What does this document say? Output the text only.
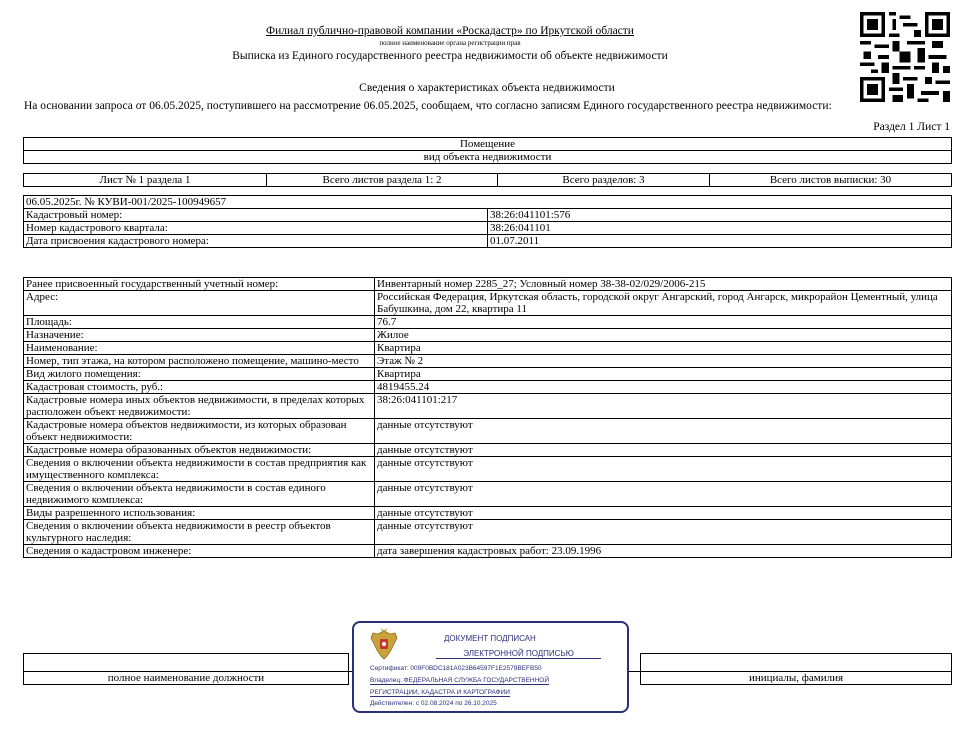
Филиал публично-правовой компании «Роскадастр» по Иркутской области
полное наименование органа регистрации прав
Выписка из Единого государственного реестра недвижимости об объекте недвижимости
Сведения о характеристиках объекта недвижимости
На основании запроса от 06.05.2025, поступившего на рассмотрение 06.05.2025, сообщаем, что согласно записям Единого государственного реестра недвижимости:
Раздел 1 Лист 1
Помещение
вид объекта недвижимости
Лист № 1 раздела 1	Всего листов раздела 1: 2	Всего разделов: 3	Всего листов выписки: 30
06.05.2025г. № КУВИ-001/2025-100949657	
Кадастровый номер:	38:26:041101:576
Номер кадастрового квартала:	38:26:041101
Дата присвоения кадастрового номера:	01.07.2011
Ранее присвоенный государственный учетный номер:	Инвентарный номер 2285_27; Условный номер 38-38-02/029/2006-215
Адрес:	Российская Федерация, Иркутская область, городской округ Ангарский, город Ангарск, микрорайон Цементный, улица Бабушкина, дом 22, квартира 11
Площадь:	76.7
Назначение:	Жилое
Наименование:	Квартира
Номер, тип этажа, на котором расположено помещение, машино-место	Этаж № 2
Вид жилого помещения:	Квартира
Кадастровая стоимость, руб.:	4819455.24
Кадастровые номера иных объектов недвижимости, в пределах которых расположен объект недвижимости:	38:26:041101:217
Кадастровые номера объектов недвижимости, из которых образован объект недвижимости:	данные отсутствуют
Кадастровые номера образованных объектов недвижимости:	данные отсутствуют
Сведения о включении объекта недвижимости в состав предприятия как имущественного комплекса:	данные отсутствуют
Сведения о включении объекта недвижимости в состав единого недвижимого комплекса:	данные отсутствуют
Виды разрешенного использования:	данные отсутствуют
Сведения о включении объекта недвижимости в реестр объектов культурного наследия:	данные отсутствуют
Сведения о кадастровом инженере:	дата завершения кадастровых работ: 23.09.1996

полное наименование должности		инициалы, фамилия
ДОКУМЕНТ ПОДПИСАН
ЭЛЕКТРОННОЙ ПОДПИСЬЮ
Сертификат: 009F0BDC181A023B64597F1E2579BEFB50
Владелец: ФЕДЕРАЛЬНАЯ СЛУЖБА ГОСУДАРСТВЕННОЙ
РЕГИСТРАЦИИ, КАДАСТРА И КАРТОГРАФИИ
Действителен: с 02.08.2024 по 26.10.2025
